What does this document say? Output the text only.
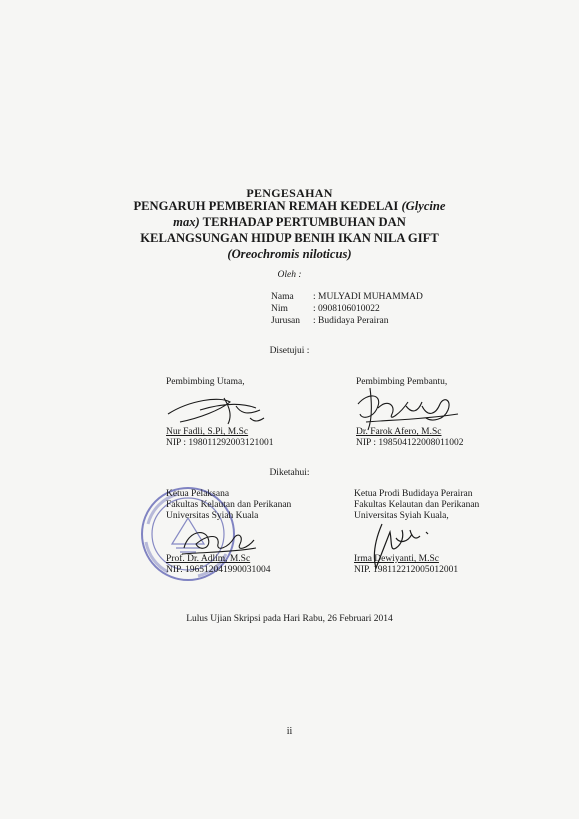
PENGESAHAN
PENGARUH PEMBERIAN REMAH KEDELAI (Glycine
max) TERHADAP PERTUMBUHAN DAN
KELANGSUNGAN HIDUP BENIH IKAN NILA GIFT
(Oreochromis niloticus)
Oleh :
Nama : MULYADI MUHAMMAD
Nim	: 0908106010022
Jurusan : Budidaya Perairan
Disetujui :
Pembimbing Utama,
Nur Fadli, S.Pi, M.Sc
NIP : 198011292003121001
Pembimbing Pembantu,
Dr. Farok Afero, M.Sc
NIP : 198504122008011002
Diketahui:
Ketua Pelaksana
Fakultas Kelautan dan Perikanan
Universitas Syiah Kuala
Prof. Dr. Adlim, M.Sc
NIP. 196512041990031004
Ketua Prodi Budidaya Perairan
Fakultas Kelautan dan Perikanan
Universitas Syiah Kuala,
Irma Dewiyanti, M.Sc
NIP. 198112212005012001
Lulus Ujian Skripsi pada Hari Rabu, 26 Februari 2014
ii
